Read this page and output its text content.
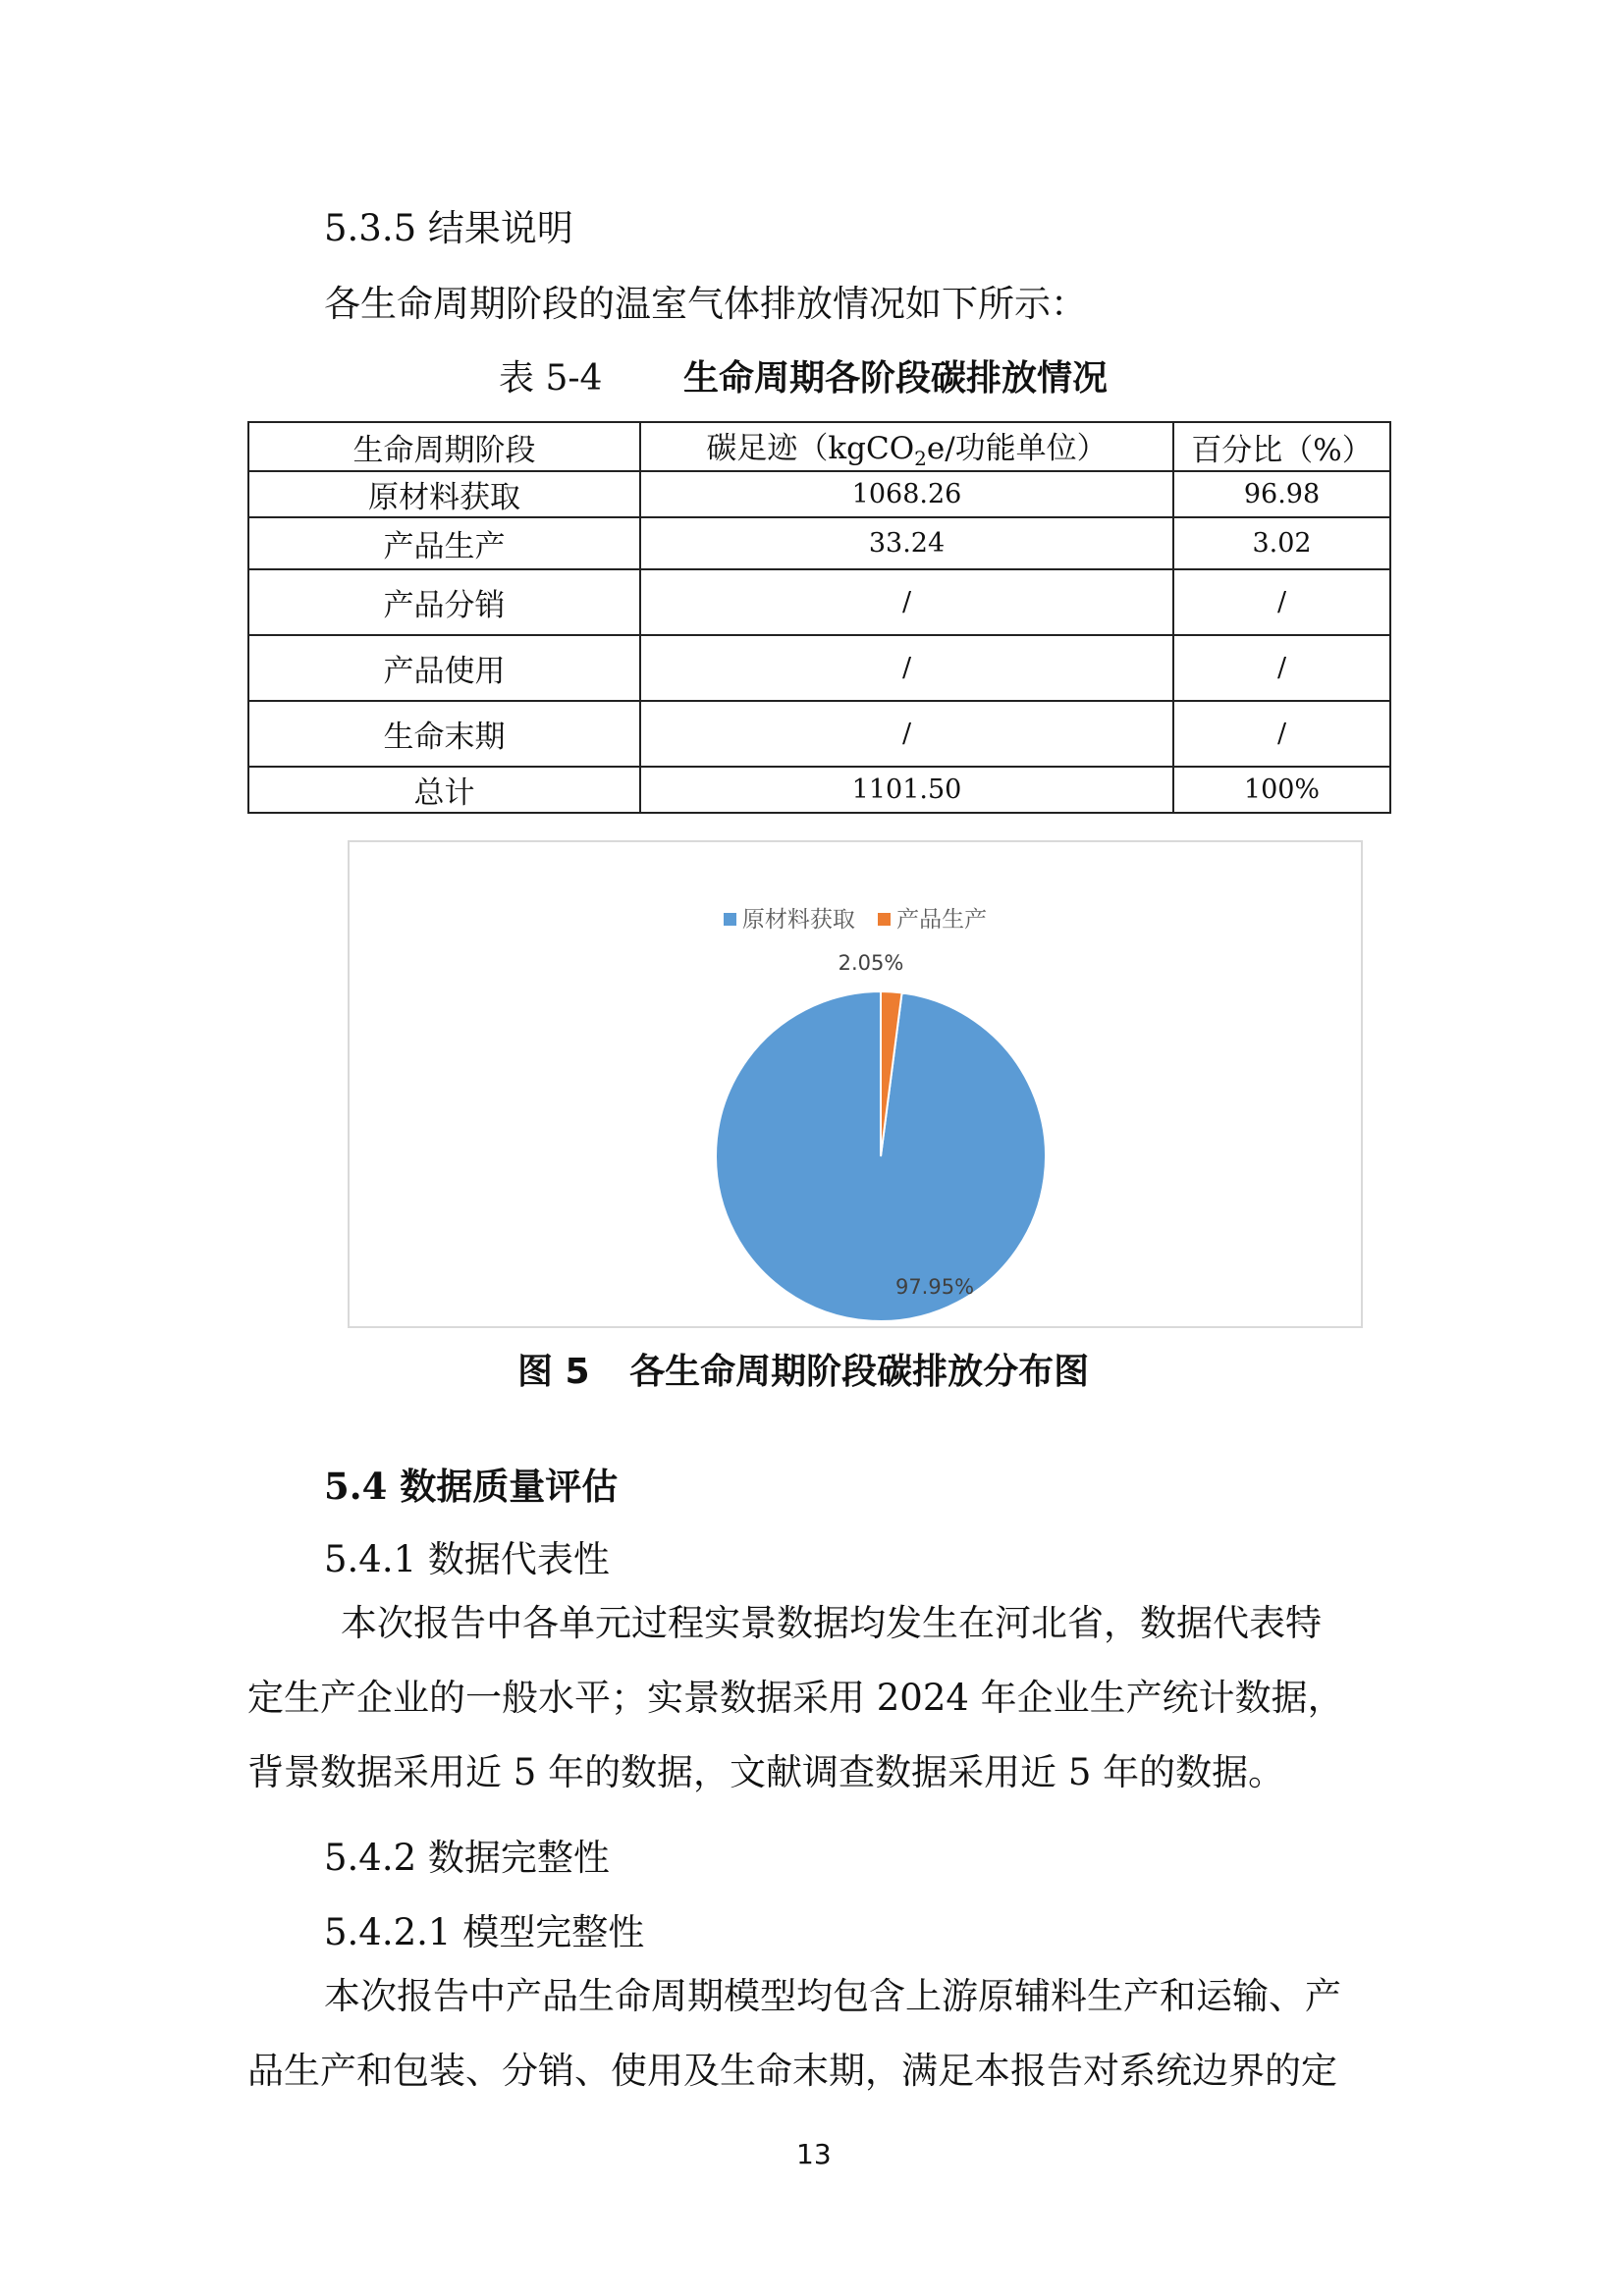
5.3.5 结果说明
各生命周期阶段的温室气体排放情况如下所示：
表 5-4 生命周期各阶段碳排放情况
生命周期阶段	碳足迹（kgCO$_2$e/功能单位）	百分比（%）
原材料获取	1068.26	96.98
产品生产	33.24	3.02
产品分销	/	/
产品使用	/	/
生命末期	/	/
总计	1101.50	100%
原材料获取 产品生产
97.95%
2.05%
图 5 各生命周期阶段碳排放分布图
5.4 数据质量评估
5.4.1 数据代表性
本次报告中各单元过程实景数据均发生在河北省，数据代表特
定生产企业的一般水平；实景数据采用 2024 年企业生产统计数据，
背景数据采用近 5 年的数据，文献调查数据采用近 5 年的数据。
5.4.2 数据完整性
5.4.2.1 模型完整性
本次报告中产品生命周期模型均包含上游原辅料生产和运输、产
品生产和包装、分销、使用及生命末期，满足本报告对系统边界的定
13
